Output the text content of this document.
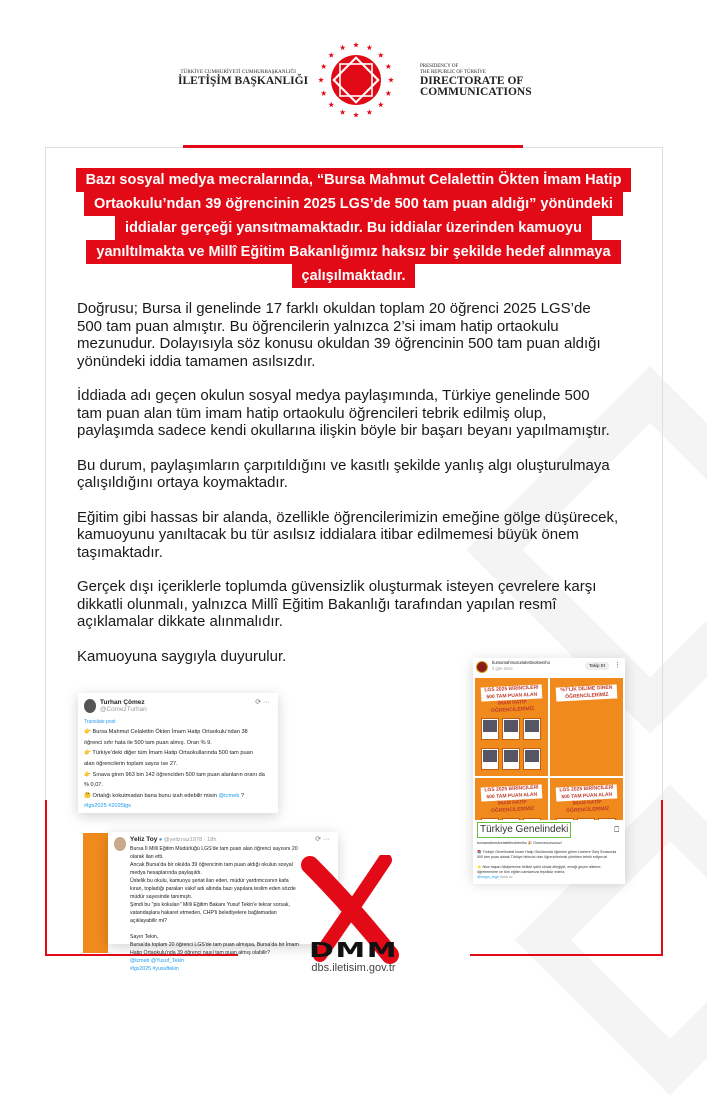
TÜRKİYE CUMHURİYETİ CUMHURBAŞKANLIĞI
İLETİŞİM BAŞKANLIĞI
PRESIDENCY OF
THE REPUBLIC OF TÜRKİYE
DIRECTORATE OF
COMMUNICATIONS
Bazı sosyal medya mecralarında, “Bursa Mahmut Celalettin Ökten İmam Hatip
Ortaokulu’ndan 39 öğrencinin 2025 LGS’de 500 tam puan aldığı” yönündeki
iddialar gerçeği yansıtmamaktadır. Bu iddialar üzerinden kamuoyu
yanıltılmakta ve Millî Eğitim Bakanlığımız haksız bir şekilde hedef alınmaya
çalışılmaktadır.

Doğrusu; Bursa il genelinde 17 farklı okuldan toplam 20 öğrenci 2025 LGS’de
500 tam puan almıştır. Bu öğrencilerin yalnızca 2’si imam hatip ortaokulu
mezunudur. Dolayısıyla söz konusu okuldan 39 öğrencinin 500 tam puan aldığı
yönündeki iddia tamamen asılsızdır.

İddiada adı geçen okulun sosyal medya paylaşımında, Türkiye genelinde 500
tam puan alan tüm imam hatip ortaokulu öğrencileri tebrik edilmiş olup,
paylaşımda sadece kendi okullarına ilişkin böyle bir başarı beyanı yapılmamıştır.

Bu durum, paylaşımların çarpıtıldığını ve kasıtlı şekilde yanlış algı oluşturulmaya
çalışıldığını ortaya koymaktadır.

Eğitim gibi hassas bir alanda, özellikle öğrencilerimizin emeğine gölge düşürecek,
kamuoyunu yanıltacak bu tür asılsız iddialara itibar edilmemesi büyük önem
taşımaktadır.

Gerçek dışı içeriklerle toplumda güvensizlik oluşturmak isteyen çevrelere karşı
dikkatli olunmalı, yalnızca Millî Eğitim Bakanlığı tarafından yapılan resmî
açıklamalar dikkate alınmalıdır.

Kamuoyuna saygıyla duyurulur.

Turhan Çömez
@ComezTurhan
Translate post
👉 Bursa Mahmut Celalettin Ökten İmam Hatip Ortaokulu’ndan 38
öğrenci sıfır hata ile 500 tam puan almış. Oran % 9.
👉 Türkiye’deki diğer tüm İmam Hatip Ortaokullarında 500 tam puan
alan öğrencilerin toplam sayısı ise 27.
👉 Sınava giren 963 bin 142 öğrenciden 500 tam puan alanların oranı da
% 0,07.
🤔 Ortalığı kokutmadan bana bunu izah edebilir misin @tcmeb ?
#lgs2025 #2025lgs
⟳ ···
Yeliz Toy ● @yeliznaz1978 · 18h
Bursa İl Milli Eğitim Müdürlüğü LGS'de tam puan alan öğrenci sayısını 20
olarak ilan etti.
Ancak Bursa'da bir okulda 39 öğrencinin tam puan aldığı okulun sosyal
medya hesaplarında paylaşıldı.
Üstelik bu okulu, kamuoyu şeriat ilan eden, müdür yardımcısının kafa
kıran, topladığı paraları vakıf adı altında bazı yapılara teslim eden sözde
müdür sayesinde tanımıştı.
Şimdi bu "pis kokuları" Milli Eğitim Bakanı Yusuf Tekin'e tekrar sorsak,
vatandaşlara hakaret etmeden, CHP'li belediyelere bağlamadan
açıklayabilir mi?
Sayın Tekin,
Bursa'da toplam 20 öğrenci LGS'de tam puan almışsa, Bursa'da bir İmam
Hatip Ortaokulu'nda 39 öğrenci nasıl tam puan almış olabilir?
@tcmeb @Yusuf_Tekin
#lgs2025 #yusuftekin
⟳ ···
bursamahmutcelalettinoktenihо
2 gün önce
Takip Et	⋮
LGS 2025 BİRİNCİLERİ 500 TAM PUAN ALAN İMAM HATİP ÖĞRENCİLERİMİZ
%7'LİK DİLİME GİREN ÖĞRENCİLERİMİZ
LGS 2025 BİRİNCİLERİ 500 TAM PUAN ALAN İMAM HATİP ÖĞRENCİLERİMİZ
LGS 2025 BİRİNCİLERİ 500 TAM PUAN ALAN İMAM HATİP ÖĞRENCİLERİMİZ
Türkiye Genelindeki	⎕
bursamahmutcelalettinoktenihо 🎉 Gururumuzsunuz!
📚 Türkiye Genelindeki İmam Hatip Okullarında öğrenim gören Liselere Giriş Sınavında 500 tam puan alarak Türkiye birincisi olan öğrencilerimizi yürekten tebrik ediyoruz!
⭐ Nice başarı hikâyelerine birlikte şahit olmak dileğiyle, emeği geçen ailelere, öğretmenlere ve tüm eğitim camiamıza teşekkür ederiz.
@bogm_arge daha az
DMM
dbs.iletisim.gov.tr
